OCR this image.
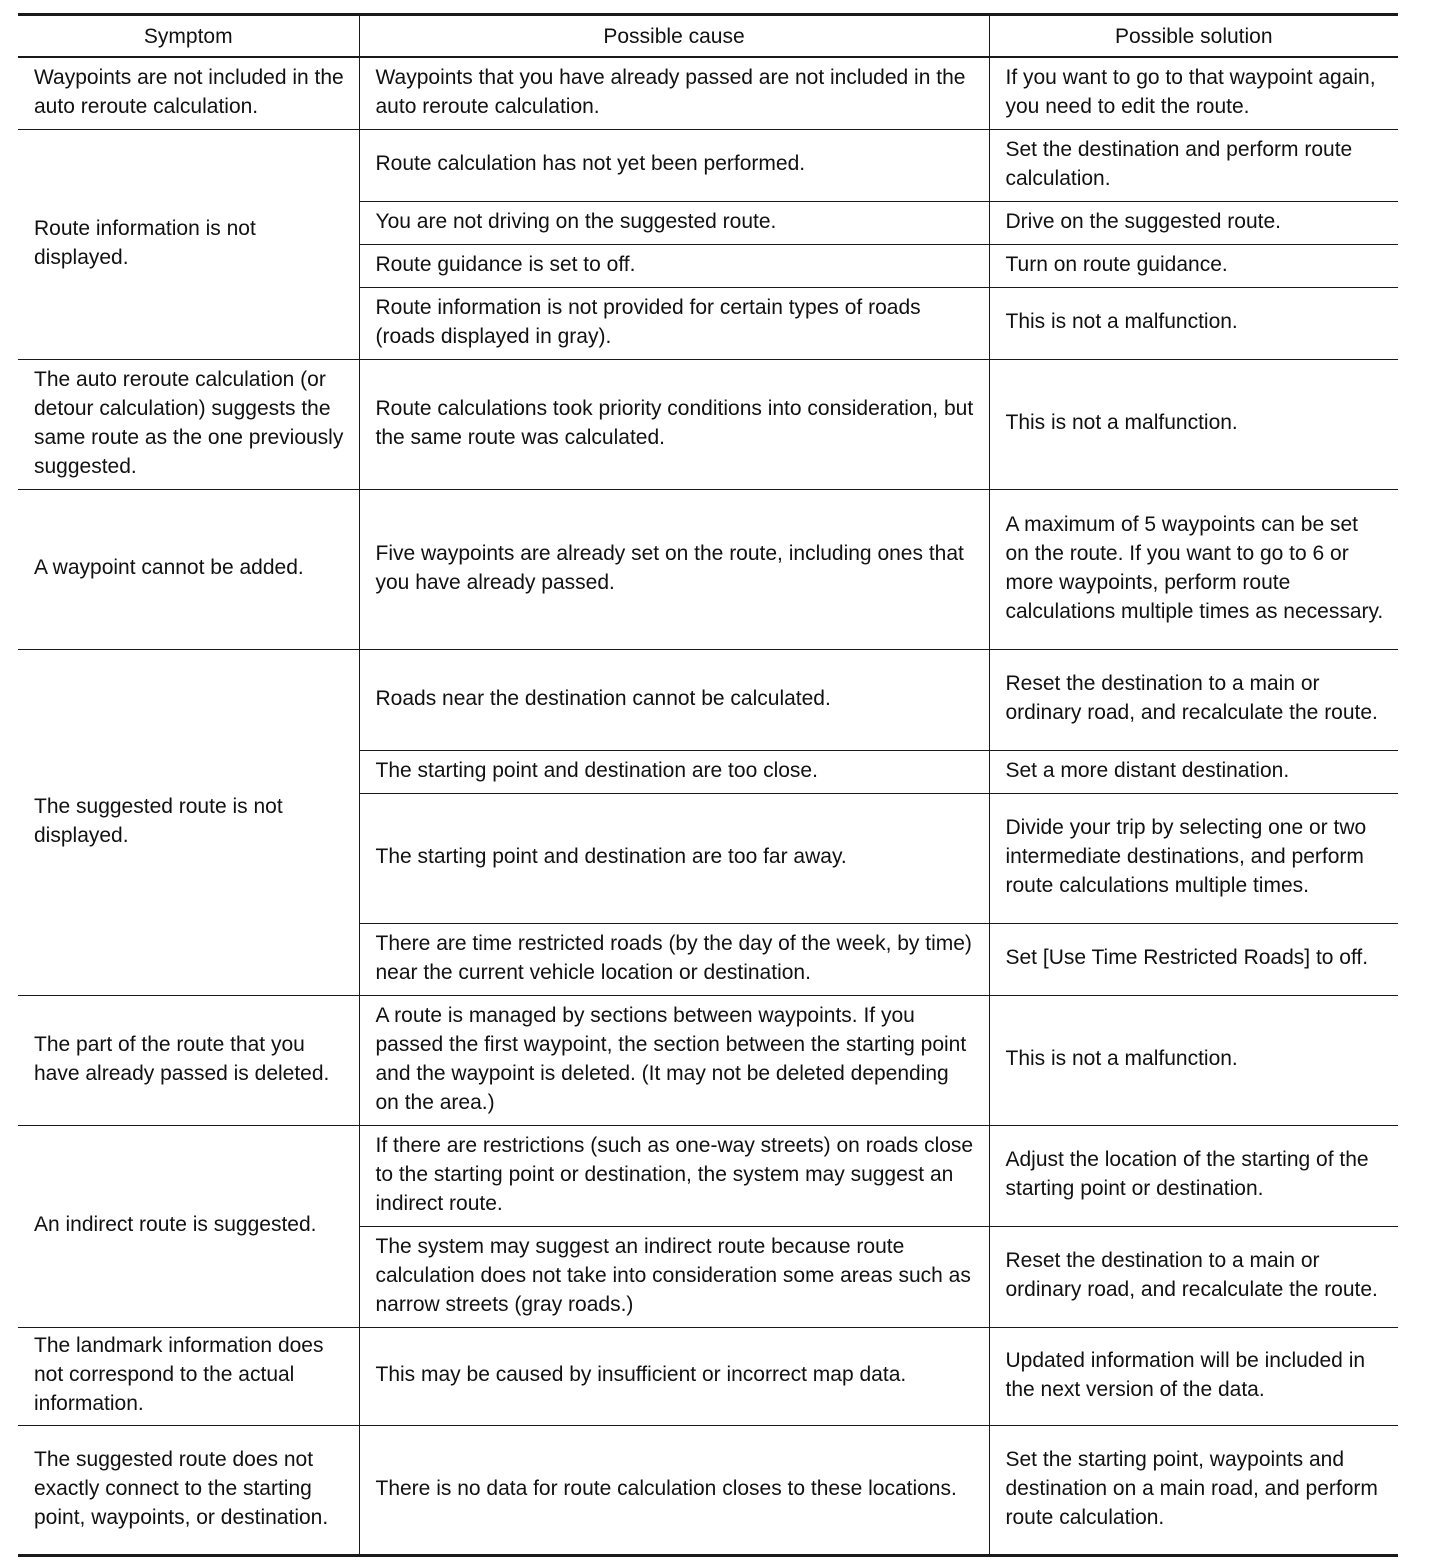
Symptom	Possible cause	Possible solution
Waypoints are not included in the auto reroute calculation.	Waypoints that you have already passed are not included in the auto reroute calculation.	If you want to go to that waypoint again, you need to edit the route.
Route information is not displayed.	Route calculation has not yet been performed.	Set the destination and perform route calculation.
	You are not driving on the suggested route.	Drive on the suggested route.
	Route guidance is set to off.	Turn on route guidance.
	Route information is not provided for certain types of roads (roads displayed in gray).	This is not a malfunction.
The auto reroute calculation (or detour calculation) suggests the same route as the one previously suggested.	Route calculations took priority conditions into consideration, but the same route was calculated.	This is not a malfunction.
A waypoint cannot be added.	Five waypoints are already set on the route, including ones that you have already passed.	A maximum of 5 waypoints can be set on the route. If you want to go to 6 or more waypoints, perform route calculations multiple times as necessary.
The suggested route is not displayed.	Roads near the destination cannot be calculated.	Reset the destination to a main or ordinary road, and recalculate the route.
	The starting point and destination are too close.	Set a more distant destination.
	The starting point and destination are too far away.	Divide your trip by selecting one or two intermediate destinations, and perform route calculations multiple times.
	There are time restricted roads (by the day of the week, by time) near the current vehicle location or destination.	Set [Use Time Restricted Roads] to off.
The part of the route that you have already passed is deleted.	A route is managed by sections between waypoints. If you passed the first waypoint, the section between the starting point and the waypoint is deleted. (It may not be deleted depending on the area.)	This is not a malfunction.
An indirect route is suggested.	If there are restrictions (such as one-way streets) on roads close to the starting point or destination, the system may suggest an indirect route.	Adjust the location of the starting of the starting point or destination.
	The system may suggest an indirect route because route calculation does not take into consideration some areas such as narrow streets (gray roads.)	Reset the destination to a main or ordinary road, and recalculate the route.
The landmark information does not correspond to the actual information.	This may be caused by insufficient or incorrect map data.	Updated information will be included in the next version of the data.
The suggested route does not exactly connect to the starting point, waypoints, or destination.	There is no data for route calculation closes to these locations.	Set the starting point, waypoints and destination on a main road, and perform route calculation.
